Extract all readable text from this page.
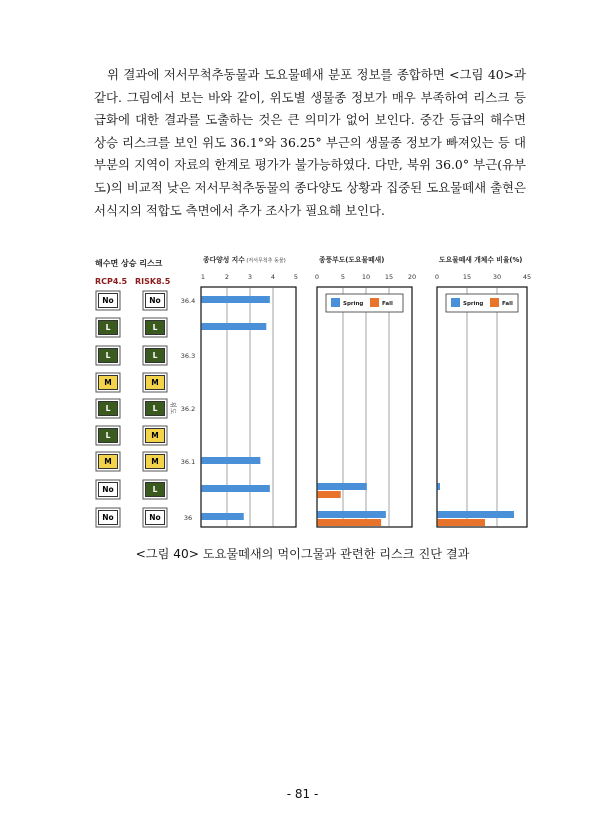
위 결과에 저서무척추동물과 도요물떼새 분포 정보를 종합하면 <그림 40>과 같다. 그림에서 보는 바와 같이, 위도별 생물종 정보가 매우 부족하여 리스크 등급화에 대한 결과를 도출하는 것은 큰 의미가 없어 보인다. 중간 등급의 해수면 상승 리스크를 보인 위도 36.1°와 36.25° 부근의 생물종 정보가 빠져있는 등 대부분의 지역이 자료의 한계로 평가가 불가능하였다. 다만, 북위 36.0° 부근(유부도)의 비교적 낮은 저서무척추동물의 종다양도 상황과 집중된 도요물떼새 출현은 서식지의 적합도 측면에서 추가 조사가 필요해 보인다.

해수면 상승 리스크
RCP4.5 RISK8.5
No	No
L	L
L	L
M	M
L	L
L	M
M	M
No	L
No	No
36.4
36.3
36.2
36.1
36
위도
종다양성 지수 (저서무척추 동물)
1	2	3	4	5
종풍부도(도요물떼새)
0	5	10 15 20
Spring	Fall
도요물떼새 개체수 비율(%)
0	15	30	45
Spring	Fall
<그림 40> 도요물떼새의 먹이그물과 관련한 리스크 진단 결과
- 81 -
